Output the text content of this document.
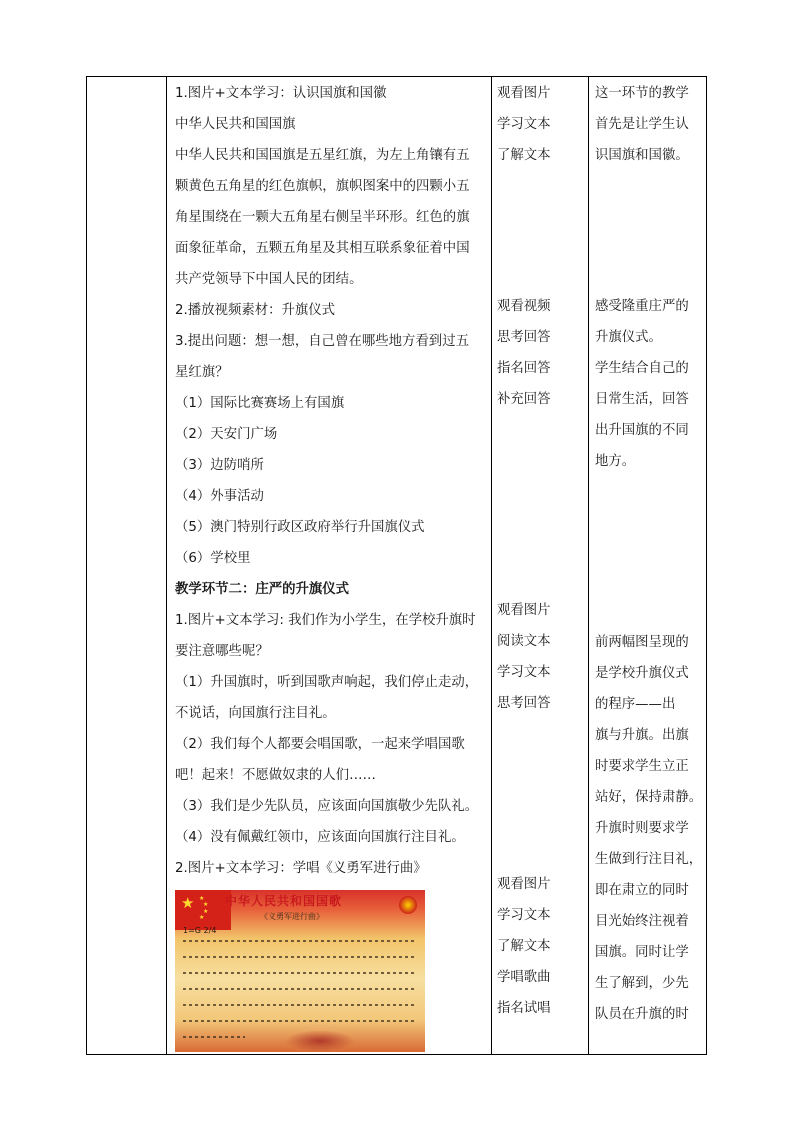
1.图片+文本学习：认识国旗和国徽

中华人民共和国国旗

中华人民共和国国旗是五星红旗，为左上角镶有五

颗黄色五角星的红色旗帜，旗帜图案中的四颗小五

角星围绕在一颗大五角星右侧呈半环形。红色的旗

面象征革命，五颗五角星及其相互联系象征着中国

共产党领导下中国人民的团结。

2.播放视频素材：升旗仪式

3.提出问题：想一想，自己曾在哪些地方看到过五

星红旗？

（1）国际比赛赛场上有国旗

（2）天安门广场

（3）边防哨所

（4）外事活动

（5）澳门特别行政区政府举行升国旗仪式

（6）学校里

教学环节二：庄严的升旗仪式

1.图片+文本学习: 我们作为小学生，在学校升旗时

要注意哪些呢？

（1）升国旗时，听到国歌声响起，我们停止走动，

不说话，向国旗行注目礼。

（2）我们每个人都要会唱国歌，一起来学唱国歌

吧！起来！不愿做奴隶的人们……

（3）我们是少先队员，应该面向国旗敬少先队礼。

（4）没有佩戴红领巾，应该面向国旗行注目礼。

2.图片+文本学习：学唱《义勇军进行曲》

★ ★
★
★
★
中华人民共和国国歌
《义勇军进行曲》
1=G 2/4

观看图片

学习文本

了解文本

观看视频

思考回答

指名回答

补充回答

观看图片

阅读文本

学习文本

思考回答

观看图片

学习文本

了解文本

学唱歌曲

指名试唱

这一环节的教学

首先是让学生认

识国旗和国徽。

感受隆重庄严的

升旗仪式。

学生结合自己的

日常生活，回答

出升国旗的不同

地方。

前两幅图呈现的

是学校升旗仪式

的程序——出

旗与升旗。出旗

时要求学生立正

站好，保持肃静。

升旗时则要求学

生做到行注目礼，

即在肃立的同时

目光始终注视着

国旗。同时让学

生了解到，少先

队员在升旗的时
